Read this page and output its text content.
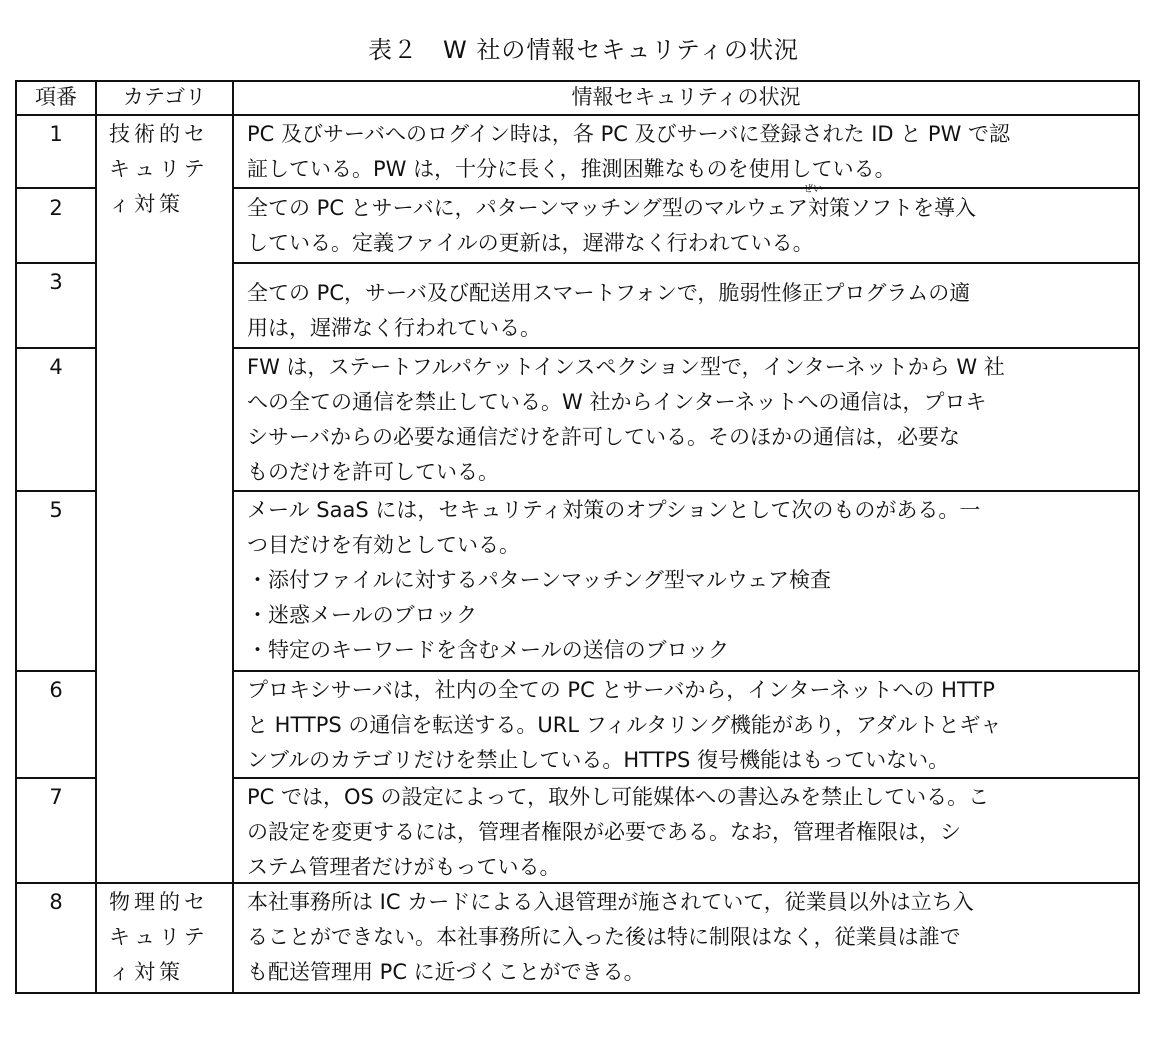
表２　W 社の情報セキュリティの状況
項番	カテゴリ	情報セキュリティの状況
技術的セキュリティ対策
物理的セキュリティ対策
1
2
3
4
5
6
7
8
PC 及びサーバへのログイン時は，各 PC 及びサーバに登録された ID と PW で認
証している。PW は，十分に長く，推測困難なものを使用している。
全ての PC とサーバに，パターンマッチング型のマルウェア対策ソフトを導入
している。定義ファイルの更新は，遅滞なく行われている。
全ての PC，サーバ及び配送用スマートフォンで，脆弱性修正プログラムの適
用は，遅滞なく行われている。
FW は，ステートフルパケットインスペクション型で，インターネットから W 社
への全ての通信を禁止している。W 社からインターネットへの通信は，プロキ
シサーバからの必要な通信だけを許可している。そのほかの通信は，必要な
ものだけを許可している。
メール SaaS には，セキュリティ対策のオプションとして次のものがある。一
つ目だけを有効としている。
・添付ファイルに対するパターンマッチング型マルウェア検査
・迷惑メールのブロック
・特定のキーワードを含むメールの送信のブロック
プロキシサーバは，社内の全ての PC とサーバから，インターネットへの HTTP
と HTTPS の通信を転送する。URL フィルタリング機能があり，アダルトとギャ
ンブルのカテゴリだけを禁止している。HTTPS 復号機能はもっていない。
PC では，OS の設定によって，取外し可能媒体への書込みを禁止している。こ
の設定を変更するには，管理者権限が必要である。なお，管理者権限は，シ
ステム管理者だけがもっている。
本社事務所は IC カードによる入退管理が施されていて，従業員以外は立ち入
ることができない。本社事務所に入った後は特に制限はなく，従業員は誰で
も配送管理用 PC に近づくことができる。
ぜい
